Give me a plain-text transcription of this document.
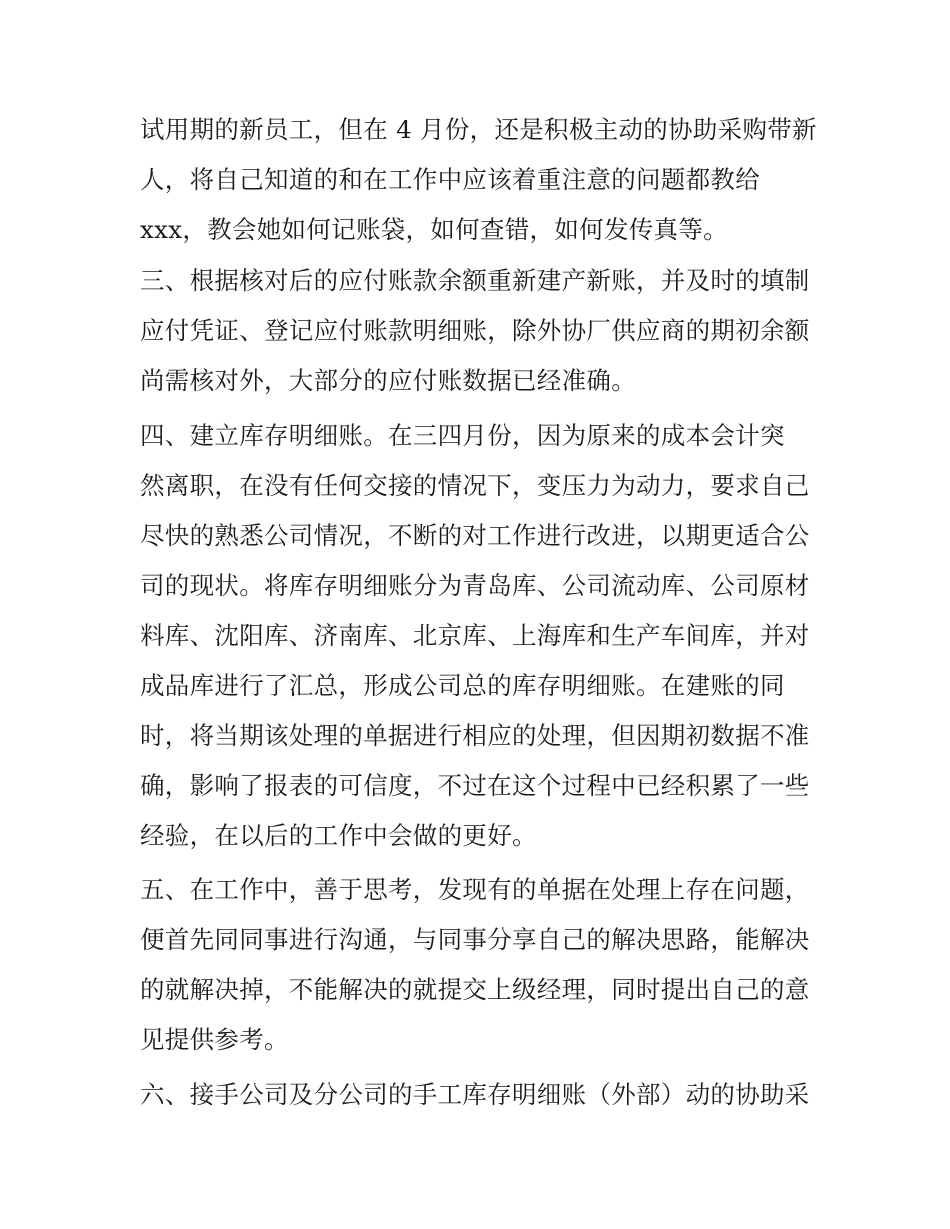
试用期的新员工，但在 4 月份，还是积极主动的协助采购带新
人，将自己知道的和在工作中应该着重注意的问题都教给
xxx，教会她如何记账袋，如何查错，如何发传真等。
三、根据核对后的应付账款余额重新建产新账，并及时的填制
应付凭证、登记应付账款明细账，除外协厂供应商的期初余额
尚需核对外，大部分的应付账数据已经准确。
四、建立库存明细账。在三四月份，因为原来的成本会计突
然离职，在没有任何交接的情况下，变压力为动力，要求自己
尽快的熟悉公司情况，不断的对工作进行改进，以期更适合公
司的现状。将库存明细账分为青岛库、公司流动库、公司原材
料库、沈阳库、济南库、北京库、上海库和生产车间库，并对
成品库进行了汇总，形成公司总的库存明细账。在建账的同
时，将当期该处理的单据进行相应的处理，但因期初数据不准
确，影响了报表的可信度，不过在这个过程中已经积累了一些
经验，在以后的工作中会做的更好。
五、在工作中，善于思考，发现有的单据在处理上存在问题，
便首先同同事进行沟通，与同事分享自己的解决思路，能解决
的就解决掉，不能解决的就提交上级经理，同时提出自己的意
见提供参考。
六、接手公司及分公司的手工库存明细账（外部）动的协助采
